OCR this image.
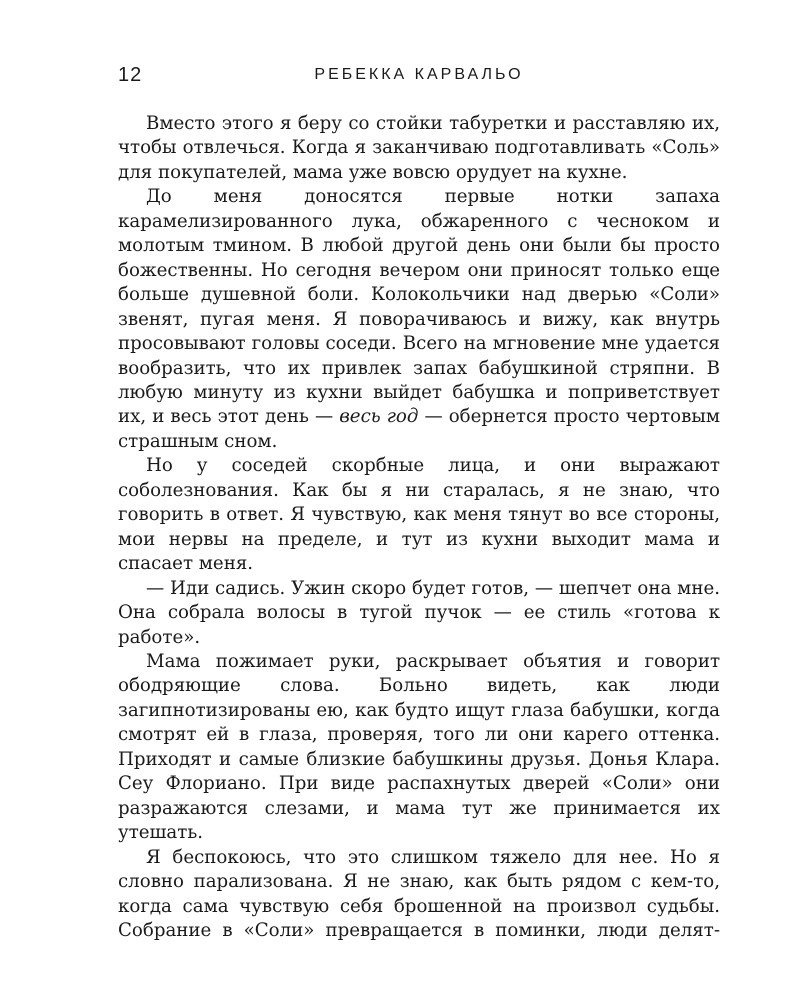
12	РЕБЕККА КАРВАЛЬО

Вместо этого я беру со стойки табуретки и расставляю их, чтобы отвлечься. Когда я заканчиваю подготавливать «Соль» для покупателей, мама уже вовсю орудует на кухне.

До меня доносятся первые нотки запаха карамелизированного лука, обжаренного с чесноком и молотым тмином. В любой другой день они были бы просто божественны. Но сегодня вечером они приносят только еще больше душевной боли. Колокольчики над дверью «Соли» звенят, пугая меня. Я поворачиваюсь и вижу, как внутрь просовывают головы соседи. Всего на мгновение мне удается вообразить, что их привлек запах бабушкиной стряпни. В любую минуту из кухни выйдет бабушка и поприветствует их, и весь этот день — весь год — обернется просто чертовым страшным сном.

Но у соседей скорбные лица, и они выражают соболезнования. Как бы я ни старалась, я не знаю, что говорить в ответ. Я чувствую, как меня тянут во все стороны, мои нервы на пределе, и тут из кухни выходит мама и спасает меня.

— Иди садись. Ужин скоро будет готов, — шепчет она мне. Она собрала волосы в тугой пучок — ее стиль «готова к работе».

Мама пожимает руки, раскрывает объятия и говорит ободряющие слова. Больно видеть, как люди загипнотизированы ею, как будто ищут глаза бабушки, когда смотрят ей в глаза, проверяя, того ли они карего оттенка. Приходят и самые близкие бабушкины друзья. Донья Клара. Сеу Флориано. При виде распахнутых дверей «Соли» они разражаются слезами, и мама тут же принимается их утешать.

Я беспокоюсь, что это слишком тяжело для нее. Но я словно парализована. Я не знаю, как быть рядом с кем-то, когда сама чувствую себя брошенной на произвол судьбы. Собрание в «Соли» превращается в поминки, люди делят-
